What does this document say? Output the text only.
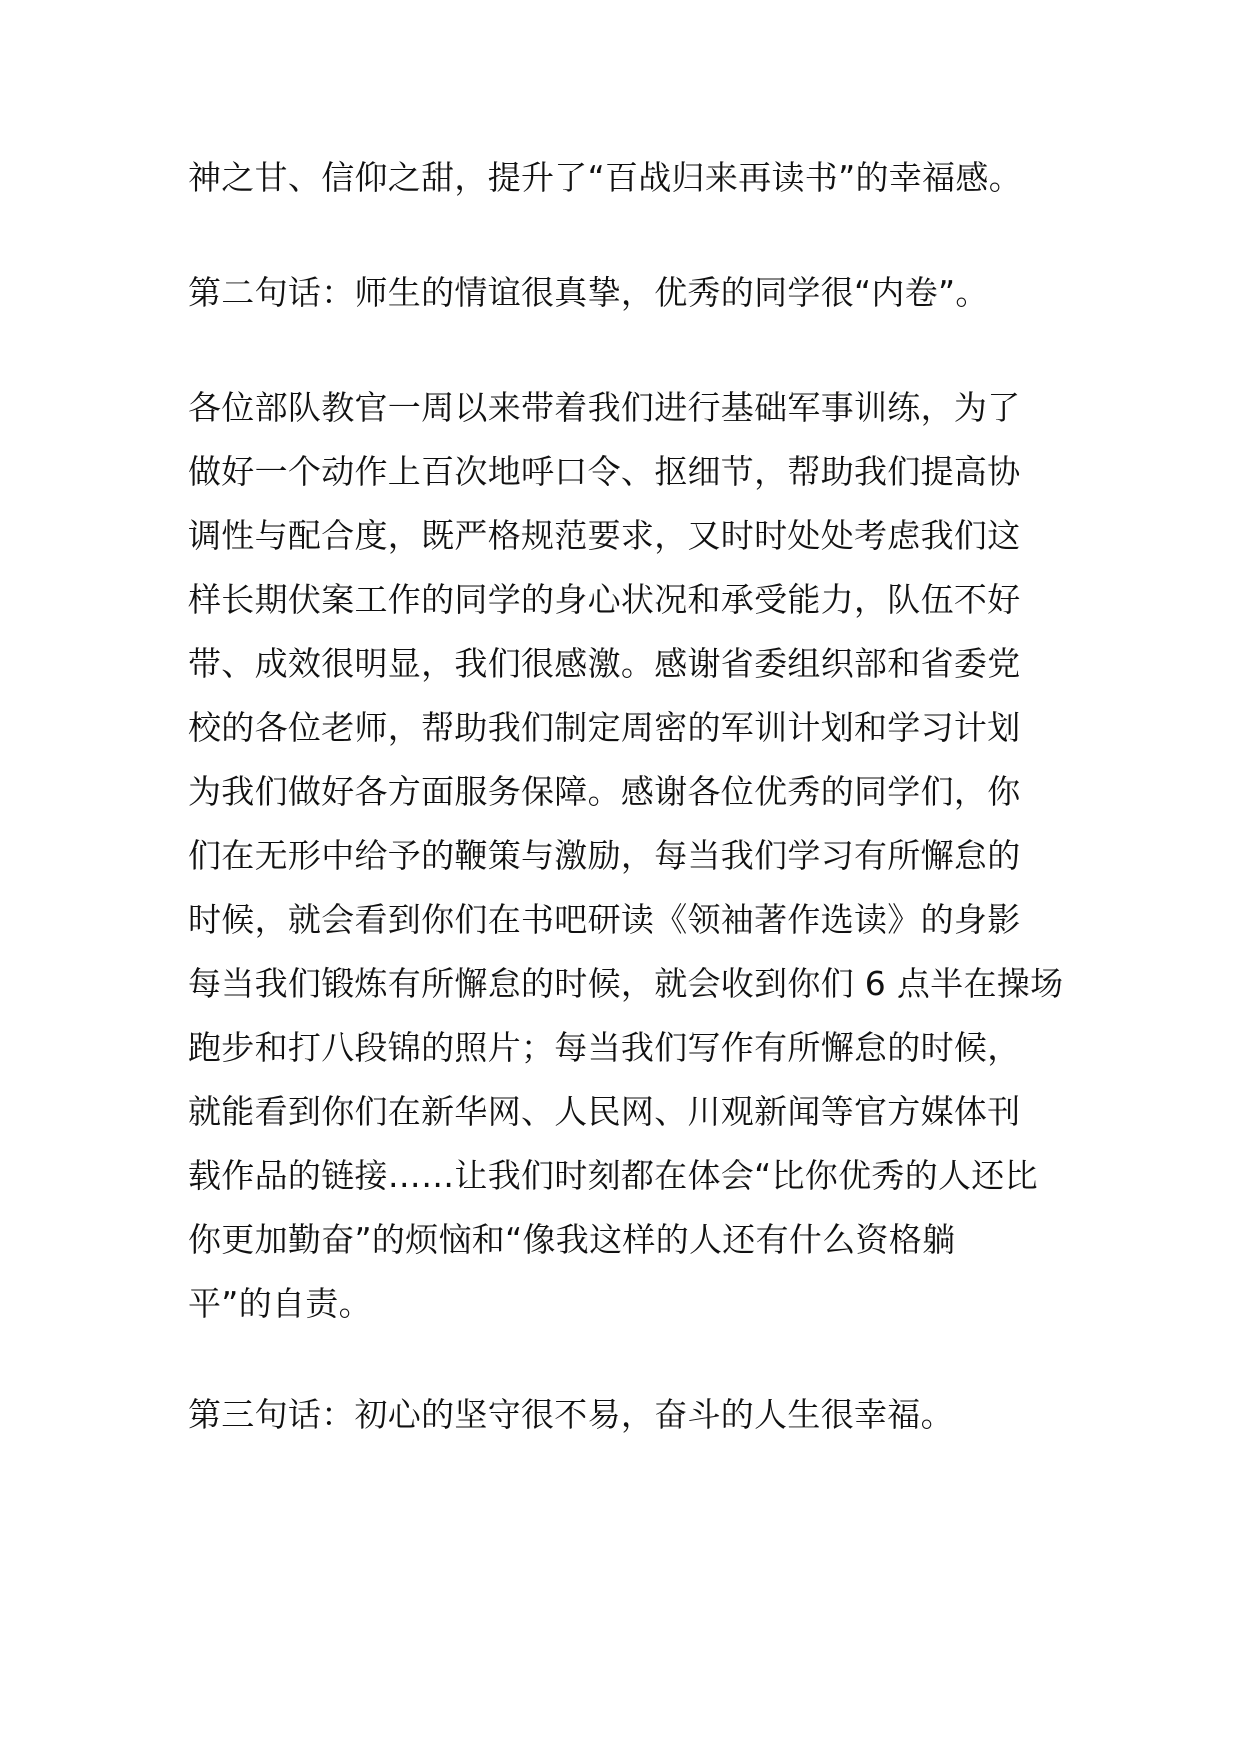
神之甘、信仰之甜，提升了“百战归来再读书”的幸福感。
第二句话：师生的情谊很真挚，优秀的同学很“内卷”。
各位部队教官一周以来带着我们进行基础军事训练，为了
做好一个动作上百次地呼口令、抠细节，帮助我们提高协
调性与配合度，既严格规范要求，又时时处处考虑我们这
样长期伏案工作的同学的身心状况和承受能力，队伍不好
带、成效很明显，我们很感激。感谢省委组织部和省委党
校的各位老师，帮助我们制定周密的军训计划和学习计划
为我们做好各方面服务保障。感谢各位优秀的同学们，你
们在无形中给予的鞭策与激励，每当我们学习有所懈怠的
时候，就会看到你们在书吧研读《领袖著作选读》的身影
每当我们锻炼有所懈怠的时候，就会收到你们 6 点半在操场
跑步和打八段锦的照片；每当我们写作有所懈怠的时候，
就能看到你们在新华网、人民网、川观新闻等官方媒体刊
载作品的链接……让我们时刻都在体会“比你优秀的人还比
你更加勤奋”的烦恼和“像我这样的人还有什么资格躺
平”的自责。
第三句话：初心的坚守很不易，奋斗的人生很幸福。
